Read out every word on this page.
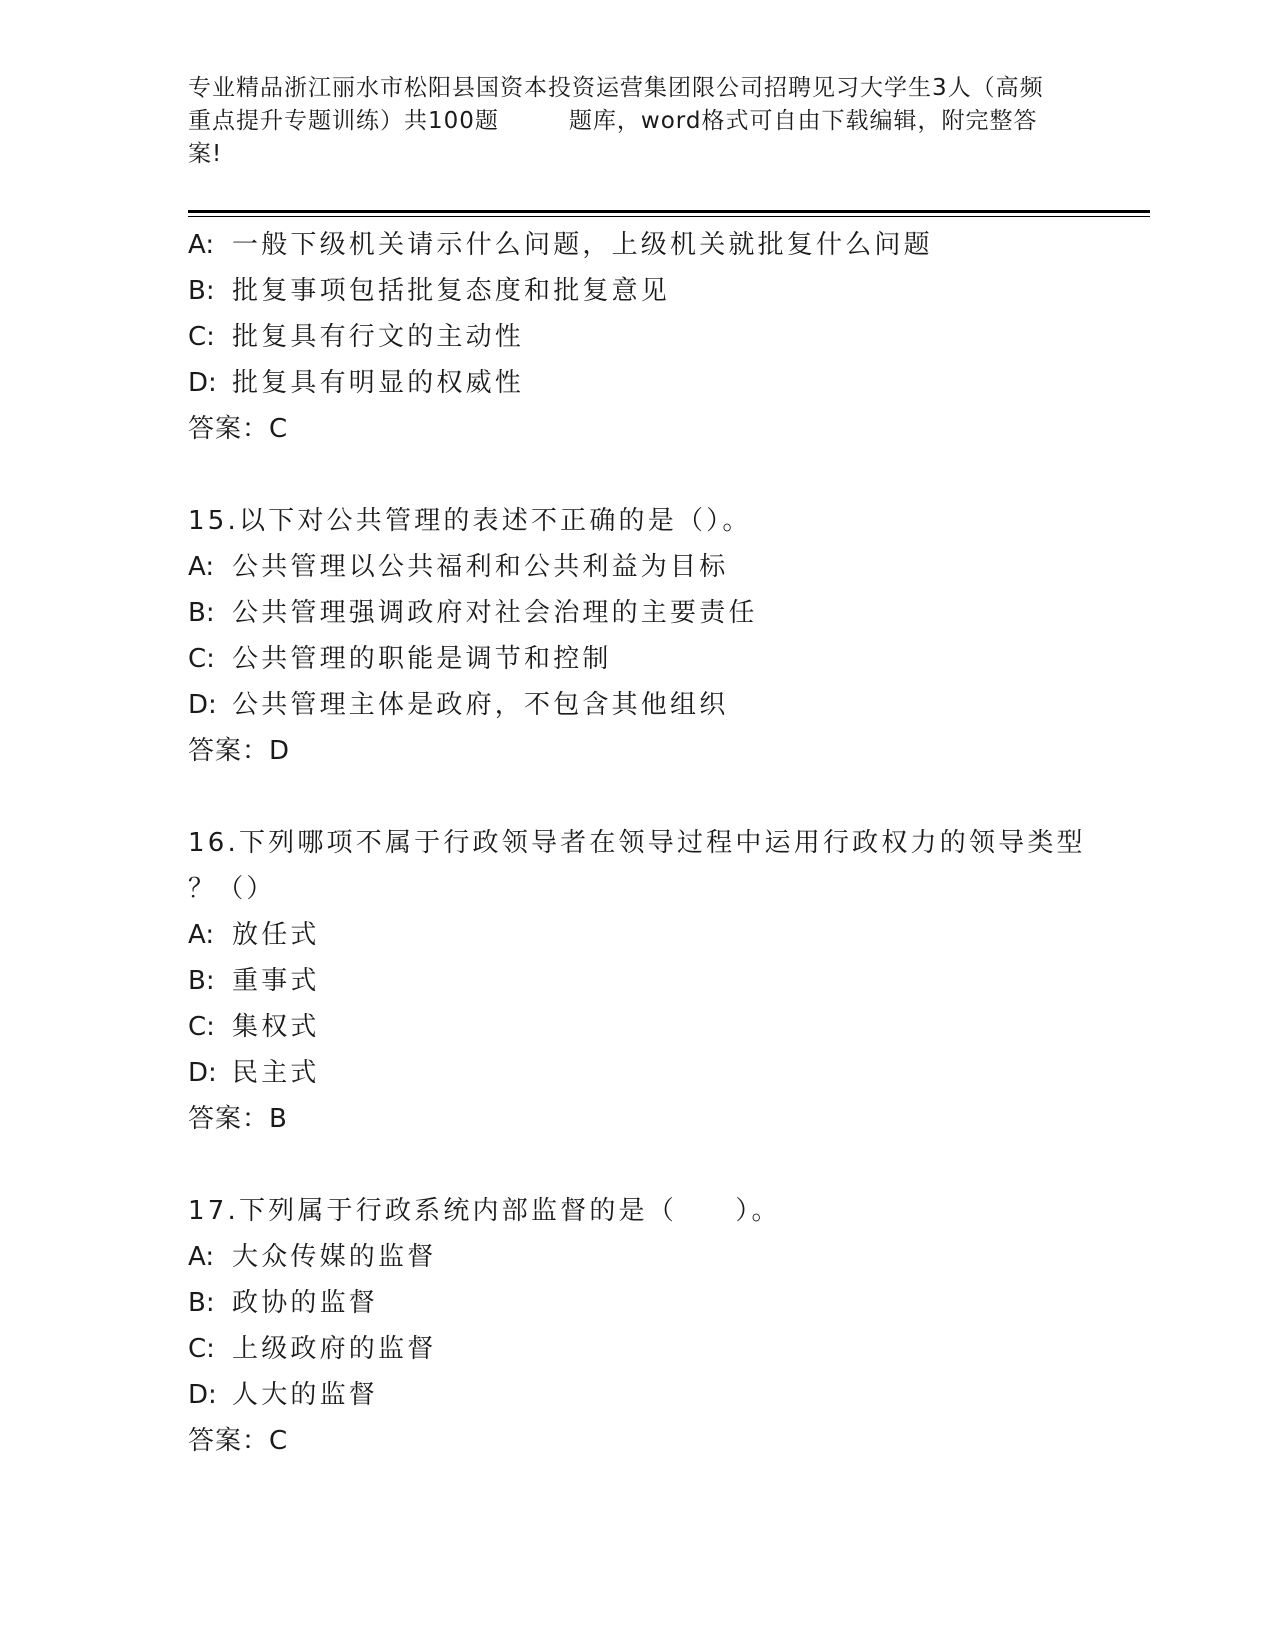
专业精品浙江丽水市松阳县国资本投资运营集团限公司招聘见习大学生3人（高频
重点提升专题训练）共100题	题库，word格式可自由下载编辑，附完整答
案!
A: 一般下级机关请示什么问题，上级机关就批复什么问题
B: 批复事项包括批复态度和批复意见
C: 批复具有行文的主动性
D: 批复具有明显的权威性
答案：C
15.以下对公共管理的表述不正确的是（）。
A: 公共管理以公共福利和公共利益为目标
B: 公共管理强调政府对社会治理的主要责任
C: 公共管理的职能是调节和控制
D: 公共管理主体是政府，不包含其他组织
答案：D
16.下列哪项不属于行政领导者在领导过程中运用行政权力的领导类型
？（）
A: 放任式
B: 重事式
C: 集权式
D: 民主式
答案：B
17.下列属于行政系统内部监督的是（　　）。
A: 大众传媒的监督
B: 政协的监督
C: 上级政府的监督
D: 人大的监督
答案：C
